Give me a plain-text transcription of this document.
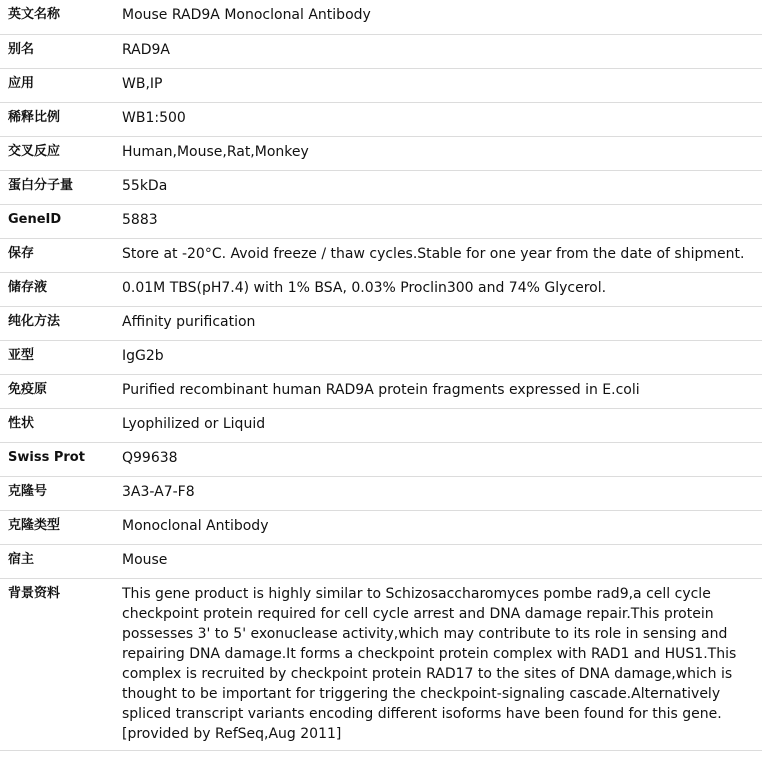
英文名称	Mouse RAD9A Monoclonal Antibody
别名	RAD9A
应用	WB,IP
稀释比例	WB1:500
交叉反应	Human,Mouse,Rat,Monkey
蛋白分子量	55kDa
GeneID	5883
保存	Store at -20°C. Avoid freeze / thaw cycles.Stable for one year from the date of shipment.
储存液	0.01M TBS(pH7.4) with 1% BSA, 0.03% Proclin300 and 74% Glycerol.
纯化方法	Affinity purification
亚型	IgG2b
免疫原	Purified recombinant human RAD9A protein fragments expressed in E.coli
性状	Lyophilized or Liquid
Swiss Prot	Q99638
克隆号	3A3-A7-F8
克隆类型	Monoclonal Antibody
宿主	Mouse
背景资料	This gene product is highly similar to Schizosaccharomyces pombe rad9,a cell cycle checkpoint protein required for cell cycle arrest and DNA damage repair.This protein possesses 3' to 5' exonuclease activity,which may contribute to its role in sensing and repairing DNA damage.It forms a checkpoint protein complex with RAD1 and HUS1.This complex is recruited by checkpoint protein RAD17 to the sites of DNA damage,which is thought to be important for triggering the checkpoint-signaling cascade.Alternatively spliced transcript variants encoding different isoforms have been found for this gene.[provided by RefSeq,Aug 2011]
